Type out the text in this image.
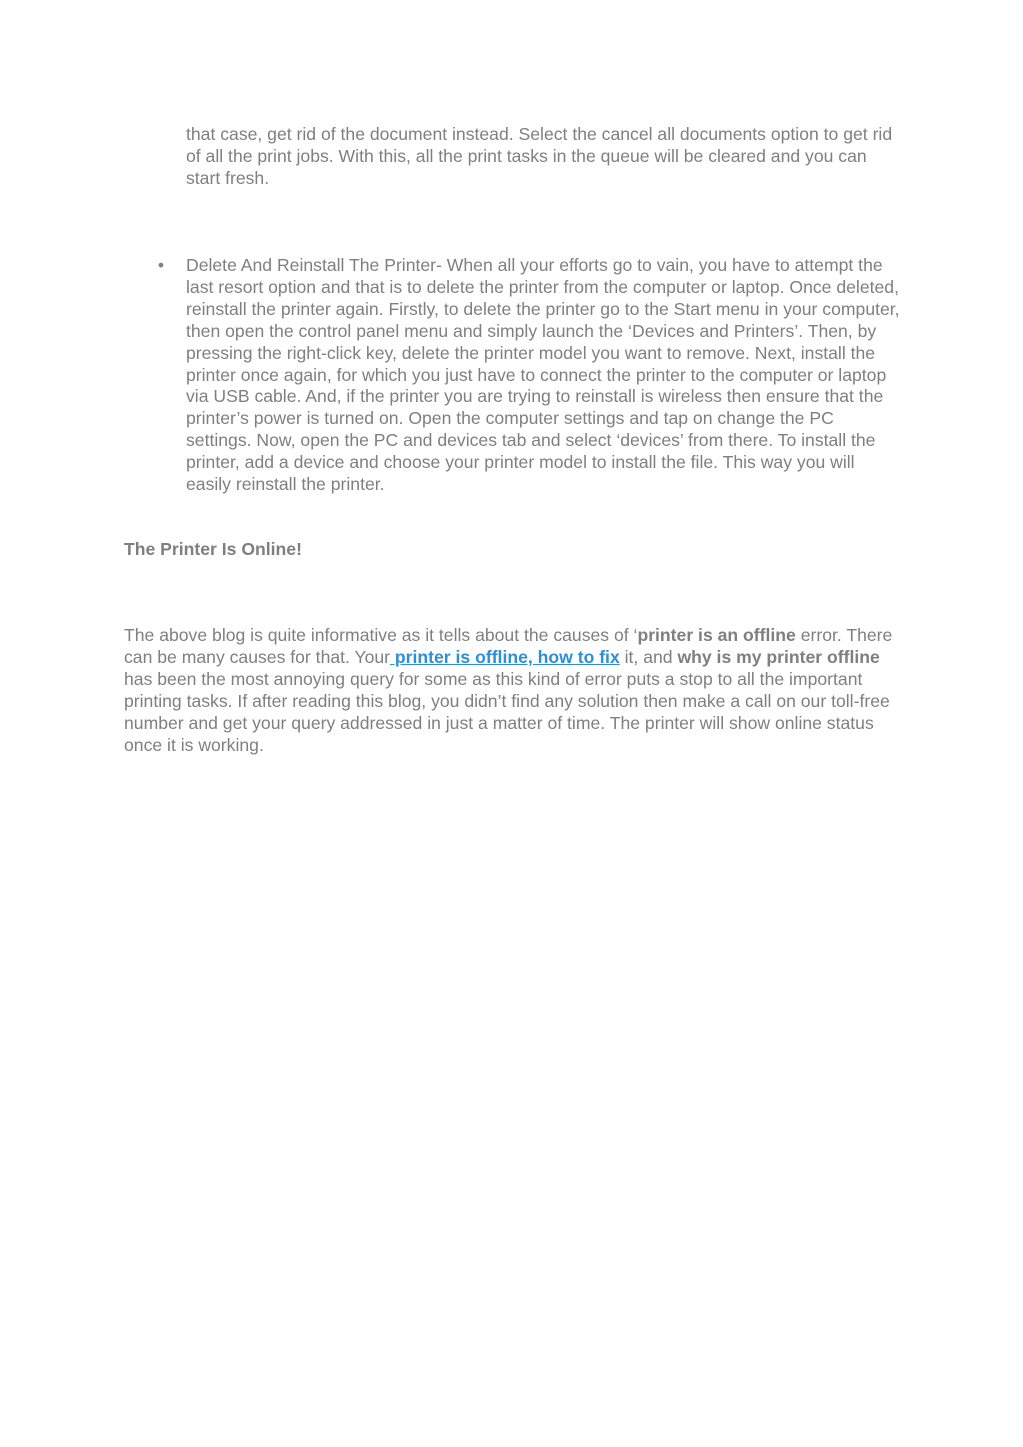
that case, get rid of the document instead. Select the cancel all documents option to get rid of all the print jobs. With this, all the print tasks in the queue will be cleared and you can start fresh.

• Delete And Reinstall The Printer- When all your efforts go to vain, you have to attempt the last resort option and that is to delete the printer from the computer or laptop. Once deleted, reinstall the printer again. Firstly, to delete the printer go to the Start menu in your computer, then open the control panel menu and simply launch the ‘Devices and Printers’. Then, by pressing the right-click key, delete the printer model you want to remove. Next, install the printer once again, for which you just have to connect the printer to the computer or laptop via USB cable. And, if the printer you are trying to reinstall is wireless then ensure that the printer’s power is turned on. Open the computer settings and tap on change the PC settings. Now, open the PC and devices tab and select ‘devices’ from there. To install the printer, add a device and choose your printer model to install the file. This way you will easily reinstall the printer.

The Printer Is Online!

The above blog is quite informative as it tells about the causes of ‘printer is an offline error. There can be many causes for that. Your printer is offline, how to fix it, and why is my printer offline has been the most annoying query for some as this kind of error puts a stop to all the important printing tasks. If after reading this blog, you didn’t find any solution then make a call on our toll-free number and get your query addressed in just a matter of time. The printer will show online status once it is working.
